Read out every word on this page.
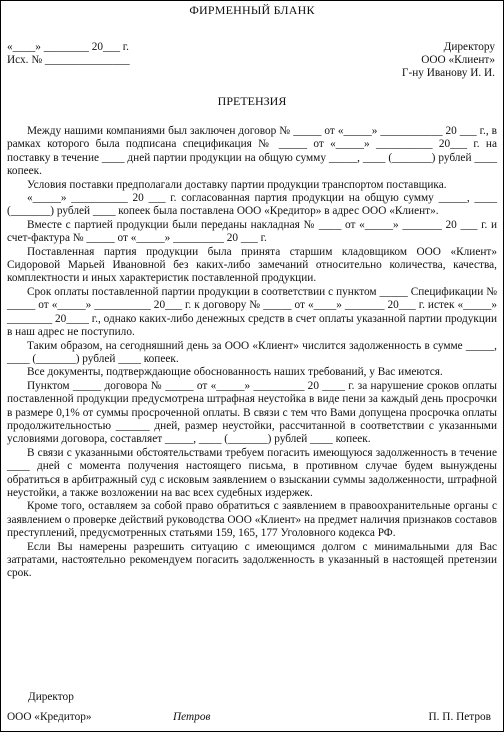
ФИРМЕННЫЙ БЛАНК
«____» ________ 20___ г.
Исх. № _______________
Директору
ООО «Клиент»
Г-ну Иванову И. И.
ПРЕТЕНЗИЯ

Между нашими компаниями был заключен договор № _____ от «_____» ___________ 20 ___ г., в рамках которого была подписана спецификация № _____ от «_____» __________ 20___ г. на поставку в течение ____ дней партии продукции на общую сумму _____, ____ (_______) рублей ____ копеек.

Условия поставки предполагали доставку партии продукции транспортом поставщика.

«_____» __________ 20 ___ г. согласованная партия продукции на общую сумму _____, ____ (_______) рублей ____ копеек была поставлена ООО «Кредитор» в адрес ООО «Клиент».

Вместе с партией продукции были переданы накладная № ____ от «_____» _______ 20 ___ г. и счет-фактура № _____ от «_____» _________ 20 ___ г.

Поставленная партия продукции была принята старшим кладовщиком ООО «Клиент» Сидоровой Марьей Ивановной без каких-либо замечаний относительно количества, качества, комплектности и иных характеристик поставленной продукции.

Срок оплаты поставленной партии продукции в соответствии с пунктом _____ Спецификации № _____ от «_____» __________ 20___ г. к договору № _____ от «____» _______ 20___ г. истек «_____» ________ 20____ г., однако каких-либо денежных средств в счет оплаты указанной партии продукции в наш адрес не поступило.

Таким образом, на сегодняшний день за ООО «Клиент» числится задолженность в сумме _____, ____ (_______) рублей ____ копеек.

Все документы, подтверждающие обоснованность наших требований, у Вас имеются.

Пунктом _____ договора № _____ от «_____» _________ 20 ____ г. за нарушение сроков оплаты поставленной продукции предусмотрена штрафная неустойка в виде пени за каждый день просрочки в размере 0,1% от суммы просроченной оплаты. В связи с тем что Вами допущена просрочка оплаты продолжительностью ______ дней, размер неустойки, рассчитанной в соответствии с указанными условиями договора, составляет _____, ____ (_______) рублей ____ копеек.

В связи с указанными обстоятельствами требуем погасить имеющуюся задолженность в течение ____ дней с момента получения настоящего письма, в противном случае будем вынуждены обратиться в арбитражный суд с исковым заявлением о взыскании суммы задолженности, штрафной неустойки, а также возложении на вас всех судебных издержек.

Кроме того, оставляем за собой право обратиться с заявлением в правоохранительные органы с заявлением о проверке действий руководства ООО «Клиент» на предмет наличия признаков составов преступлений, предусмотренных статьями 159, 165, 177 Уголовного кодекса РФ.

Если Вы намерены разрешить ситуацию с имеющимся долгом с минимальными для Вас затратами, настоятельно рекомендуем погасить задолженность в указанный в настоящей претензии срок.

Директор
ООО «Кредитор»	Петров	П. П. Петров
